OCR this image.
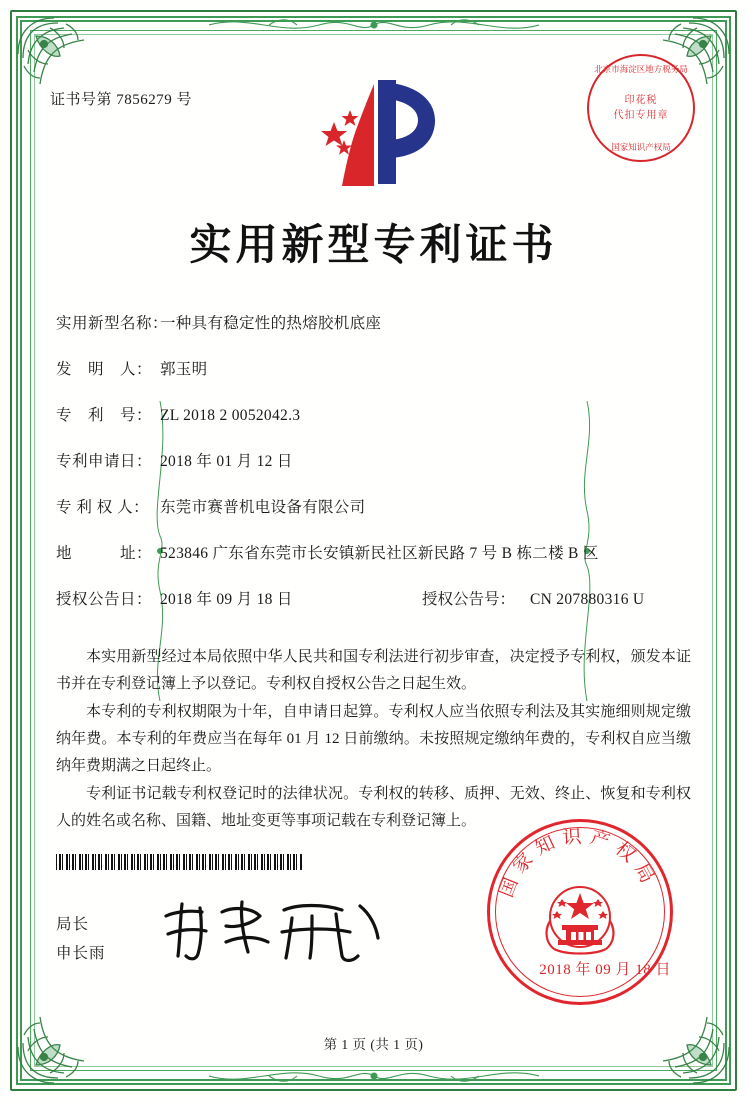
证书号第 7856279 号
北京市海淀区地方税务局
印花税
代扣专用章
国家知识产权局
实用新型专利证书
实用新型名称：
一种具有稳定性的热熔胶机底座
发　明　人： 郭玉明
专　利　号： ZL 2018 2 0052042.3
专利申请日： 2018 年 01 月 12 日
专 利 权 人： 东莞市赛普机电设备有限公司
地　　　址： 523846 广东省东莞市长安镇新民社区新民路 7 号 B 栋二楼 B 区
授权公告日： 2018 年 09 月 18 日	授权公告号： CN 207880316 U

本实用新型经过本局依照中华人民共和国专利法进行初步审查，决定授予专利权，颁发本证书并在专利登记簿上予以登记。专利权自授权公告之日起生效。

本专利的专利权期限为十年，自申请日起算。专利权人应当依照专利法及其实施细则规定缴纳年费。本专利的年费应当在每年 01 月 12 日前缴纳。未按照规定缴纳年费的，专利权自应当缴纳年费期满之日起终止。

专利证书记载专利权登记时的法律状况。专利权的转移、质押、无效、终止、恢复和专利权人的姓名或名称、国籍、地址变更等事项记载在专利登记簿上。

局长
申长雨
国家知识产权局
2018 年 09 月 18 日
第 1 页 (共 1 页)
